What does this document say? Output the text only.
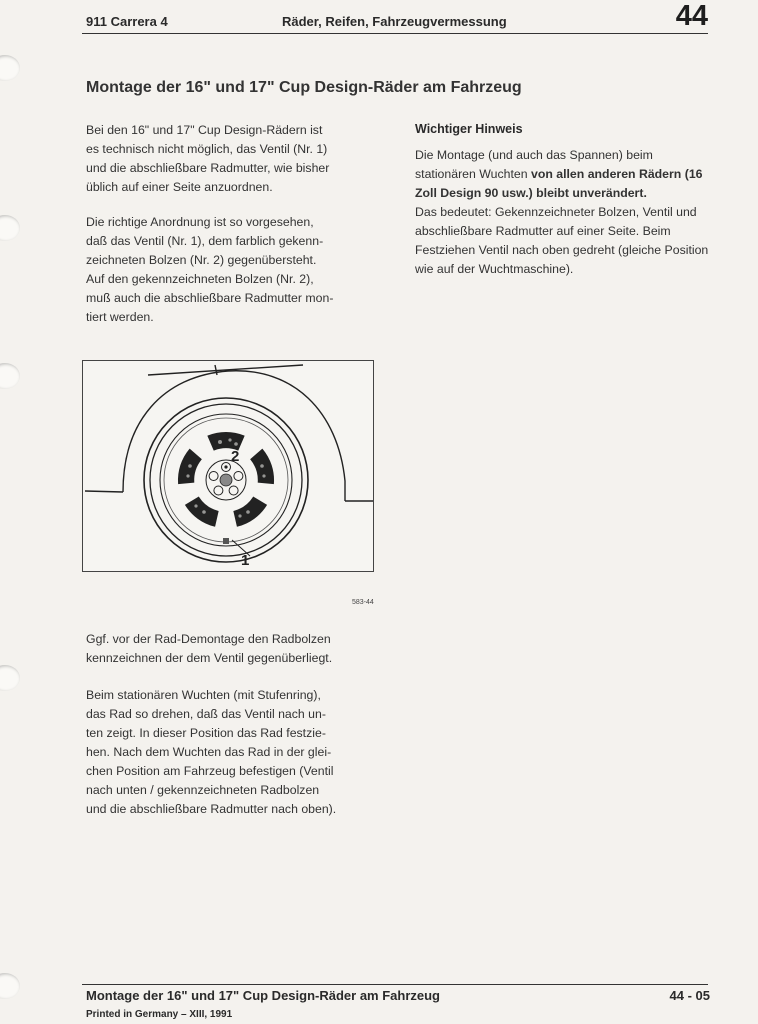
911 Carrera 4	Räder, Reifen, Fahrzeugvermessung	44
Montage der 16" und 17" Cup Design-Räder am Fahrzeug
Bei den 16" und 17" Cup Design-Rädern ist
es technisch nicht möglich, das Ventil (Nr. 1)
und die abschließbare Radmutter, wie bisher
üblich auf einer Seite anzuordnen.
Die richtige Anordnung ist so vorgesehen,
daß das Ventil (Nr. 1), dem farblich gekenn-
zeichneten Bolzen (Nr. 2) gegenübersteht.
Auf den gekennzeichneten Bolzen (Nr. 2),
muß auch die abschließbare Radmutter mon-
tiert werden.
Wichtiger Hinweis

Die Montage (und auch das Spannen) beim stationären Wuchten von allen anderen Rädern (16 Zoll Design 90 usw.) bleibt unverändert.

Das bedeutet: Gekennzeichneter Bolzen, Ventil und abschließbare Radmutter auf einer Seite. Beim Festziehen Ventil nach oben gedreht (gleiche Position wie auf der Wuchtmaschine).

2
1
583-44
Ggf. vor der Rad-Demontage den Radbolzen
kennzeichnen der dem Ventil gegenüberliegt.
Beim stationären Wuchten (mit Stufenring),
das Rad so drehen, daß das Ventil nach un-
ten zeigt. In dieser Position das Rad festzie-
hen. Nach dem Wuchten das Rad in der glei-
chen Position am Fahrzeug befestigen (Ventil
nach unten / gekennzeichneten Radbolzen
und die abschließbare Radmutter nach oben).
Montage der 16" und 17" Cup Design-Räder am Fahrzeug	44 - 05
Printed in Germany – XIII, 1991
